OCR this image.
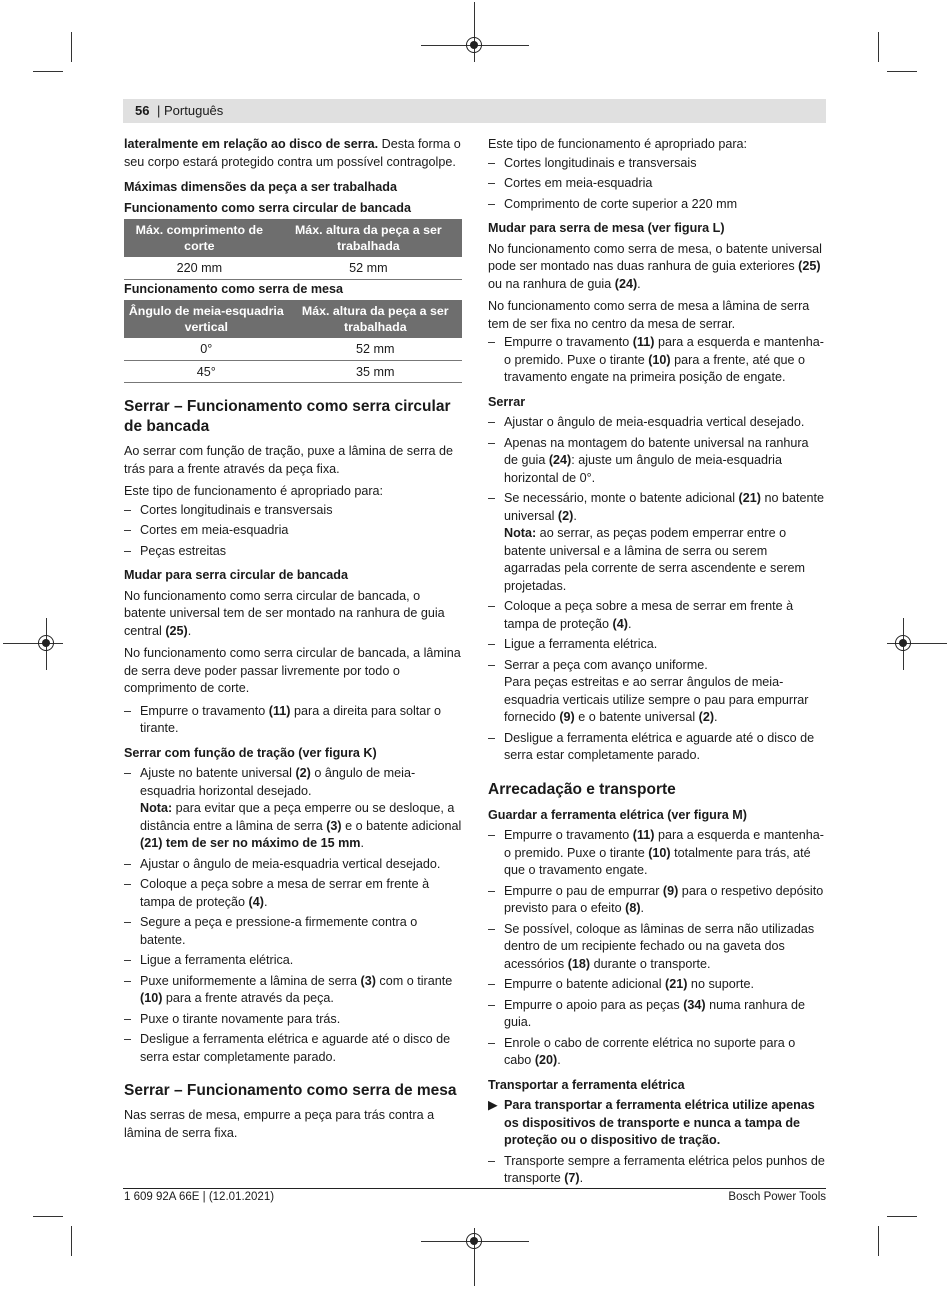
56 | Português

lateralmente em relação ao disco de serra. Desta forma o seu corpo estará protegido contra um possível contragolpe.

Máximas dimensões da peça a ser trabalhada
Funcionamento como serra circular de bancada
Máx. comprimento de corte	Máx. altura da peça a ser trabalhada
220 mm	52 mm
Funcionamento como serra de mesa
Ângulo de meia-esquadria vertical	Máx. altura da peça a ser trabalhada
0°	52 mm
45°	35 mm
Serrar – Funcionamento como serra circular de bancada

Ao serrar com função de tração, puxe a lâmina de serra de trás para a frente através da peça fixa.

Este tipo de funcionamento é apropriado para:

– Cortes longitudinais e transversais
– Cortes em meia-esquadria
– Peças estreitas
Mudar para serra circular de bancada

No funcionamento como serra circular de bancada, o batente universal tem de ser montado na ranhura de guia central (25).

No funcionamento como serra circular de bancada, a lâmina de serra deve poder passar livremente por todo o comprimento de corte.

– Empurre o travamento (11) para a direita para soltar o tirante.
Serrar com função de tração (ver figura K)
– Ajuste no batente universal (2) o ângulo de meia-esquadria horizontal desejado.
Nota: para evitar que a peça emperre ou se desloque, a distância entre a lâmina de serra (3) e o batente adicional (21) tem de ser no máximo de 15 mm.
– Ajustar o ângulo de meia-esquadria vertical desejado.
– Coloque a peça sobre a mesa de serrar em frente à tampa de proteção (4).
– Segure a peça e pressione-a firmemente contra o batente.
– Ligue a ferramenta elétrica.
– Puxe uniformemente a lâmina de serra (3) com o tirante (10) para a frente através da peça.
– Puxe o tirante novamente para trás.
– Desligue a ferramenta elétrica e aguarde até o disco de serra estar completamente parado.
Serrar – Funcionamento como serra de mesa

Nas serras de mesa, empurre a peça para trás contra a lâmina de serra fixa.

Este tipo de funcionamento é apropriado para:

– Cortes longitudinais e transversais
– Cortes em meia-esquadria
– Comprimento de corte superior a 220 mm
Mudar para serra de mesa (ver figura L)

No funcionamento como serra de mesa, o batente universal pode ser montado nas duas ranhura de guia exteriores (25) ou na ranhura de guia (24).

No funcionamento como serra de mesa a lâmina de serra tem de ser fixa no centro da mesa de serrar.

– Empurre o travamento (11) para a esquerda e mantenha-o premido. Puxe o tirante (10) para a frente, até que o travamento engate na primeira posição de engate.
Serrar
– Ajustar o ângulo de meia-esquadria vertical desejado.
– Apenas na montagem do batente universal na ranhura de guia (24): ajuste um ângulo de meia-esquadria horizontal de 0°.
– Se necessário, monte o batente adicional (21) no batente universal (2).
Nota: ao serrar, as peças podem emperrar entre o batente universal e a lâmina de serra ou serem agarradas pela corrente de serra ascendente e serem projetadas.
– Coloque a peça sobre a mesa de serrar em frente à tampa de proteção (4).
– Ligue a ferramenta elétrica.
– Serrar a peça com avanço uniforme.
Para peças estreitas e ao serrar ângulos de meia-esquadria verticais utilize sempre o pau para empurrar fornecido (9) e o batente universal (2).
– Desligue a ferramenta elétrica e aguarde até o disco de serra estar completamente parado.
Arrecadação e transporte
Guardar a ferramenta elétrica (ver figura M)
– Empurre o travamento (11) para a esquerda e mantenha-o premido. Puxe o tirante (10) totalmente para trás, até que o travamento engate.
– Empurre o pau de empurrar (9) para o respetivo depósito previsto para o efeito (8).
– Se possível, coloque as lâminas de serra não utilizadas dentro de um recipiente fechado ou na gaveta dos acessórios (18) durante o transporte.
– Empurre o batente adicional (21) no suporte.
– Empurre o apoio para as peças (34) numa ranhura de guia.
– Enrole o cabo de corrente elétrica no suporte para o cabo (20).
Transportar a ferramenta elétrica
▶ Para transportar a ferramenta elétrica utilize apenas os dispositivos de transporte e nunca a tampa de proteção ou o dispositivo de tração.
– Transporte sempre a ferramenta elétrica pelos punhos de transporte (7).
1 609 92A 66E | (12.01.2021)	Bosch Power Tools
